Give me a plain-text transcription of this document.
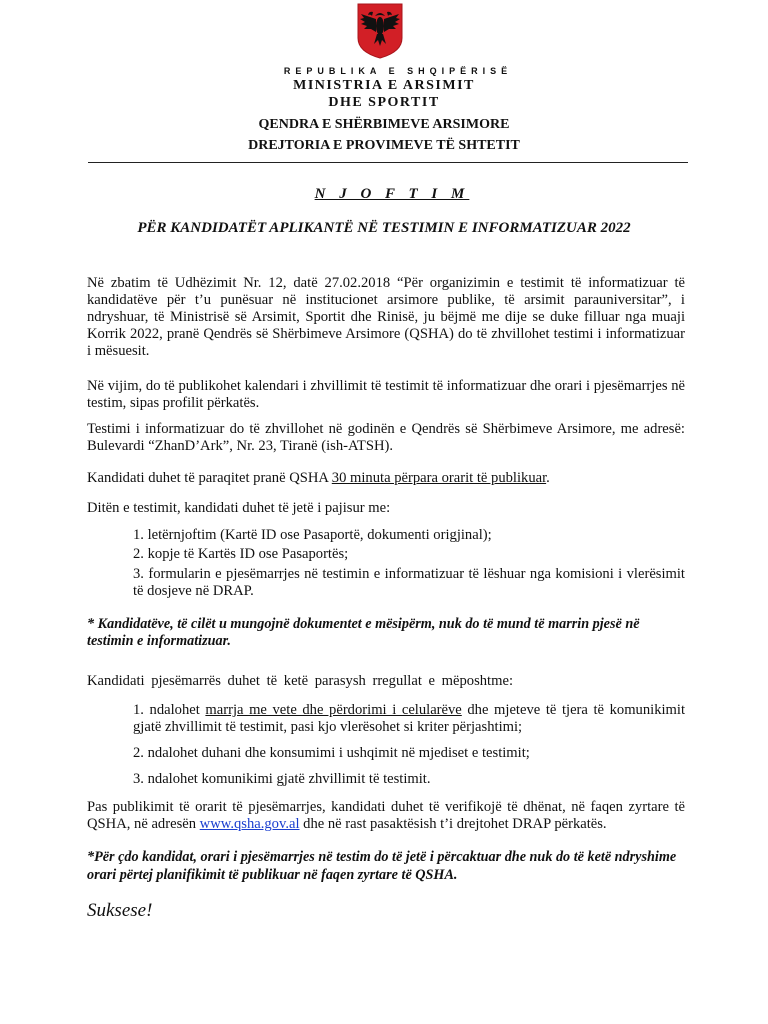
REPUBLIKA E SHQIPËRISË
MINISTRIA E ARSIMIT
DHE SPORTIT
QENDRA E SHËRBIMEVE ARSIMORE
DREJTORIA E PROVIMEVE TË SHTETIT
N J O F T I M
PËR KANDIDATËT APLIKANTË NË TESTIMIN E INFORMATIZUAR 2022

Në zbatim të Udhëzimit Nr. 12, datë 27.02.2018 “Për organizimin e testimit të informatizuar të kandidatëve për t’u punësuar në institucionet arsimore publike, të arsimit parauniversitar”, i ndryshuar, të Ministrisë së Arsimit, Sportit dhe Rinisë, ju bëjmë me dije se duke filluar nga muaji Korrik 2022, pranë Qendrës së Shërbimeve Arsimore (QSHA) do të zhvillohet testimi i informatizuar i mësuesit.

Në vijim, do të publikohet kalendari i zhvillimit të testimit të informatizuar dhe orari i pjesëmarrjes në testim, sipas profilit përkatës.

Testimi i informatizuar do të zhvillohet në godinën e Qendrës së Shërbimeve Arsimore, me adresë: Bulevardi “ZhanD’Ark”, Nr. 23, Tiranë (ish-ATSH).

Kandidati duhet të paraqitet pranë QSHA 30 minuta përpara orarit të publikuar.

Ditën e testimit, kandidati duhet të jetë i pajisur me:

1. letërnjoftim (Kartë ID ose Pasaportë, dokumenti origjinal);
2. kopje të Kartës ID ose Pasaportës;
3. formularin e pjesëmarrjes në testimin e informatizuar të lëshuar nga komisioni i vlerësimit të dosjeve në DRAP.
* Kandidatëve, të cilët u mungojnë dokumentet e mësipërm, nuk do të mund të marrin pjesë në testimin e informatizuar.
Kandidati pjesëmarrës duhet të ketë parasysh rregullat e mëposhtme:
1. ndalohet marrja me vete dhe përdorimi i celularëve dhe mjeteve të tjera të komunikimit gjatë zhvillimit të testimit, pasi kjo vlerësohet si kriter përjashtimi;
2. ndalohet duhani dhe konsumimi i ushqimit në mjediset e testimit;
3. ndalohet komunikimi gjatë zhvillimit të testimit.

Pas publikimit të orarit të pjesëmarrjes, kandidati duhet të verifikojë të dhënat, në faqen zyrtare të QSHA, në adresën www.qsha.gov.al dhe në rast pasaktësish t’i drejtohet DRAP përkatës.

*Për çdo kandidat, orari i pjesëmarrjes në testim do të jetë i përcaktuar dhe nuk do të ketë ndryshime orari përtej planifikimit të publikuar në faqen zyrtare të QSHA.
Suksese!
